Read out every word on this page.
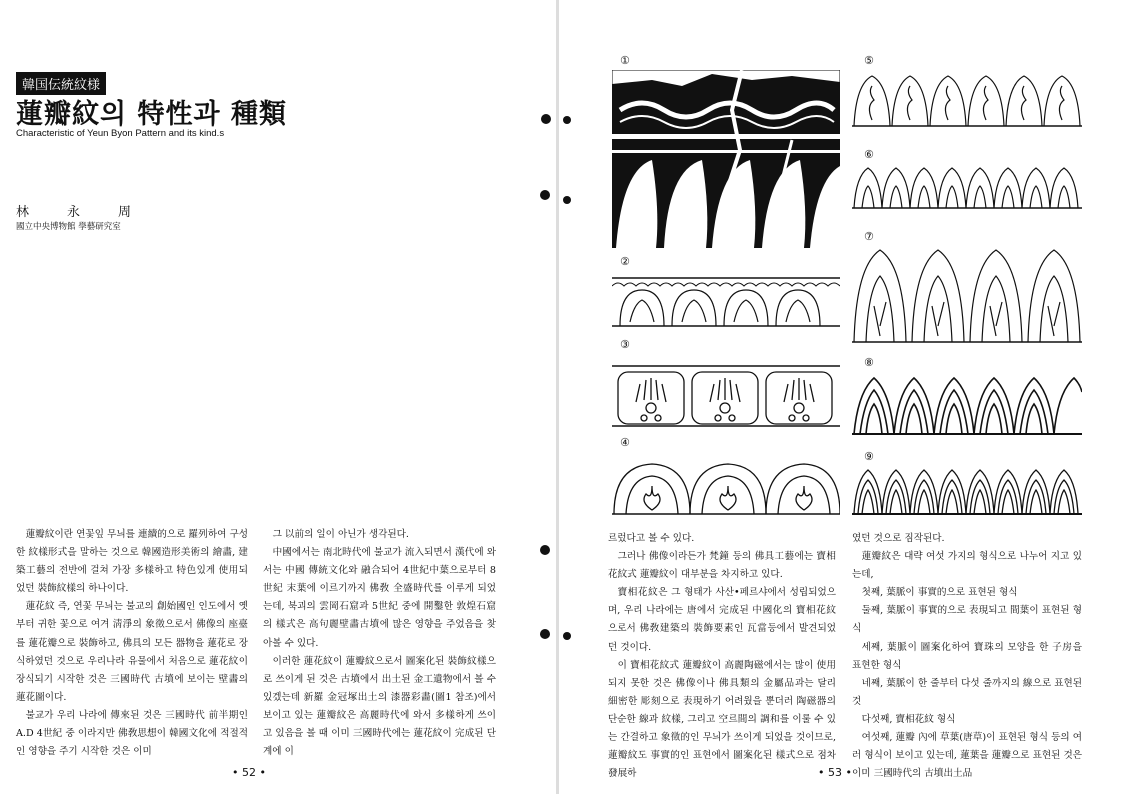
韓国伝統紋様
蓮瓣紋의 特性과 種類
Characteristic of Yeun Byon Pattern and its kind.s
林永周
國立中央博物館 學藝研究室

蓮瓣紋이란 연꽃잎 무늬를 連續的으로 羅列하여 구성한 紋樣形式을 말하는 것으로 韓國造形美術의 繪畵, 建築工藝의 전반에 걸쳐 가장 多樣하고 特色있게 使用되었던 裝飾紋樣의 하나이다.

蓮花紋 즉, 연꽃 무늬는 불교의 創始國인 인도에서 옛부터 귀한 꽃으로 여겨 淸淨의 象徵으로서 佛像의 座臺를 蓮花瓣으로 裝飾하고, 佛具의 모든 器物을 蓮花로 장식하였던 것으로 우리나라 유물에서 처음으로 蓮花紋이 장식되기 시작한 것은 三國時代 古墳에 보이는 壁畵의 蓮花圖이다.

불교가 우리 나라에 傳來된 것은 三國時代 前半期인 A.D 4世紀 중 이라지만 佛敎思想이 韓國文化에 적절적인 영향을 주기 시작한 것은 이미

그 以前의 일이 아닌가 생각된다.

中國에서는 南北時代에 불교가 流入되면서 漢代에 와서는 中國 傳統文化와 融合되어 4世紀中葉으로부터 8世紀 末葉에 이르기까지 佛敎 全盛時代를 이루게 되었는데, 북괴의 雲岡石窟과 5世紀 중에 開鑿한 敦煌石窟의 樣式은 高句麗壁畵古墳에 많은 영향을 주었음을 찾아볼 수 있다.

이러한 蓮花紋이 蓮瓣紋으로서 圖案化된 裝飾紋樣으로 쓰이게 된 것은 古墳에서 出土된 金工遺物에서 볼 수 있겠는데 新羅 金冠塚出土의 漆器彩畵(圖1 참조)에서 보이고 있는 蓮瓣紋은 高麗時代에 와서 多樣하게 쓰이고 있음을 볼 때 이미 三國時代에는 蓮花紋이 完成된 단계에 이

• 52 •
①
②
③
④
⑤
⑥
⑦
⑧
⑨

르렀다고 볼 수 있다.

그러나 佛像이라든가 梵鐘 등의 佛具工藝에는 寶相花紋式 蓮瓣紋이 대부분을 차지하고 있다.

寶相花紋은 그 형태가 사산•페르샤에서 성립되었으며, 우리 나라에는 唐에서 完成된 中國化의 寶相花紋으로서 佛敎建築의 裝飾要素인 瓦當등에서 발견되었던 것이다.

이 寶相花紋式 蓮瓣紋이 高麗陶磁에서는 많이 使用되지 못한 것은 佛像이나 佛具類의 金屬品과는 달리 細密한 彫刻으로 表現하기 어려웠을 뿐더러 陶磁器의 단순한 線과 紋樣, 그리고 空르間의 調和를 이룰 수 있는 간결하고 象徵的인 무늬가 쓰이게 되었을 것이므로, 蓮瓣紋도 事實的인 표현에서 圖案化된 樣式으로 점차 發展하

였던 것으로 짐작된다.

蓮瓣紋은 대략 여섯 가지의 형식으로 나누어 지고 있는데,

첫째, 葉脈이 事實的으로 표현된 형식

둘째, 葉脈이 事實的으로 表現되고 間葉이 표현된 형식

세째, 葉脈이 圖案化하여 寶珠의 모양을 한 子房을 표현한 형식

네째, 葉脈이 한 줄부터 다섯 줄까지의 線으로 표현된 것

다섯째, 寶相花紋 형식

여섯째, 蓮瓣 內에 草葉(唐草)이 표현된 형식 등의 여러 형식이 보이고 있는데, 蓮葉을 蓮瓣으로 표현된 것은 이미 三國時代의 古墳出土品

• 53 •
